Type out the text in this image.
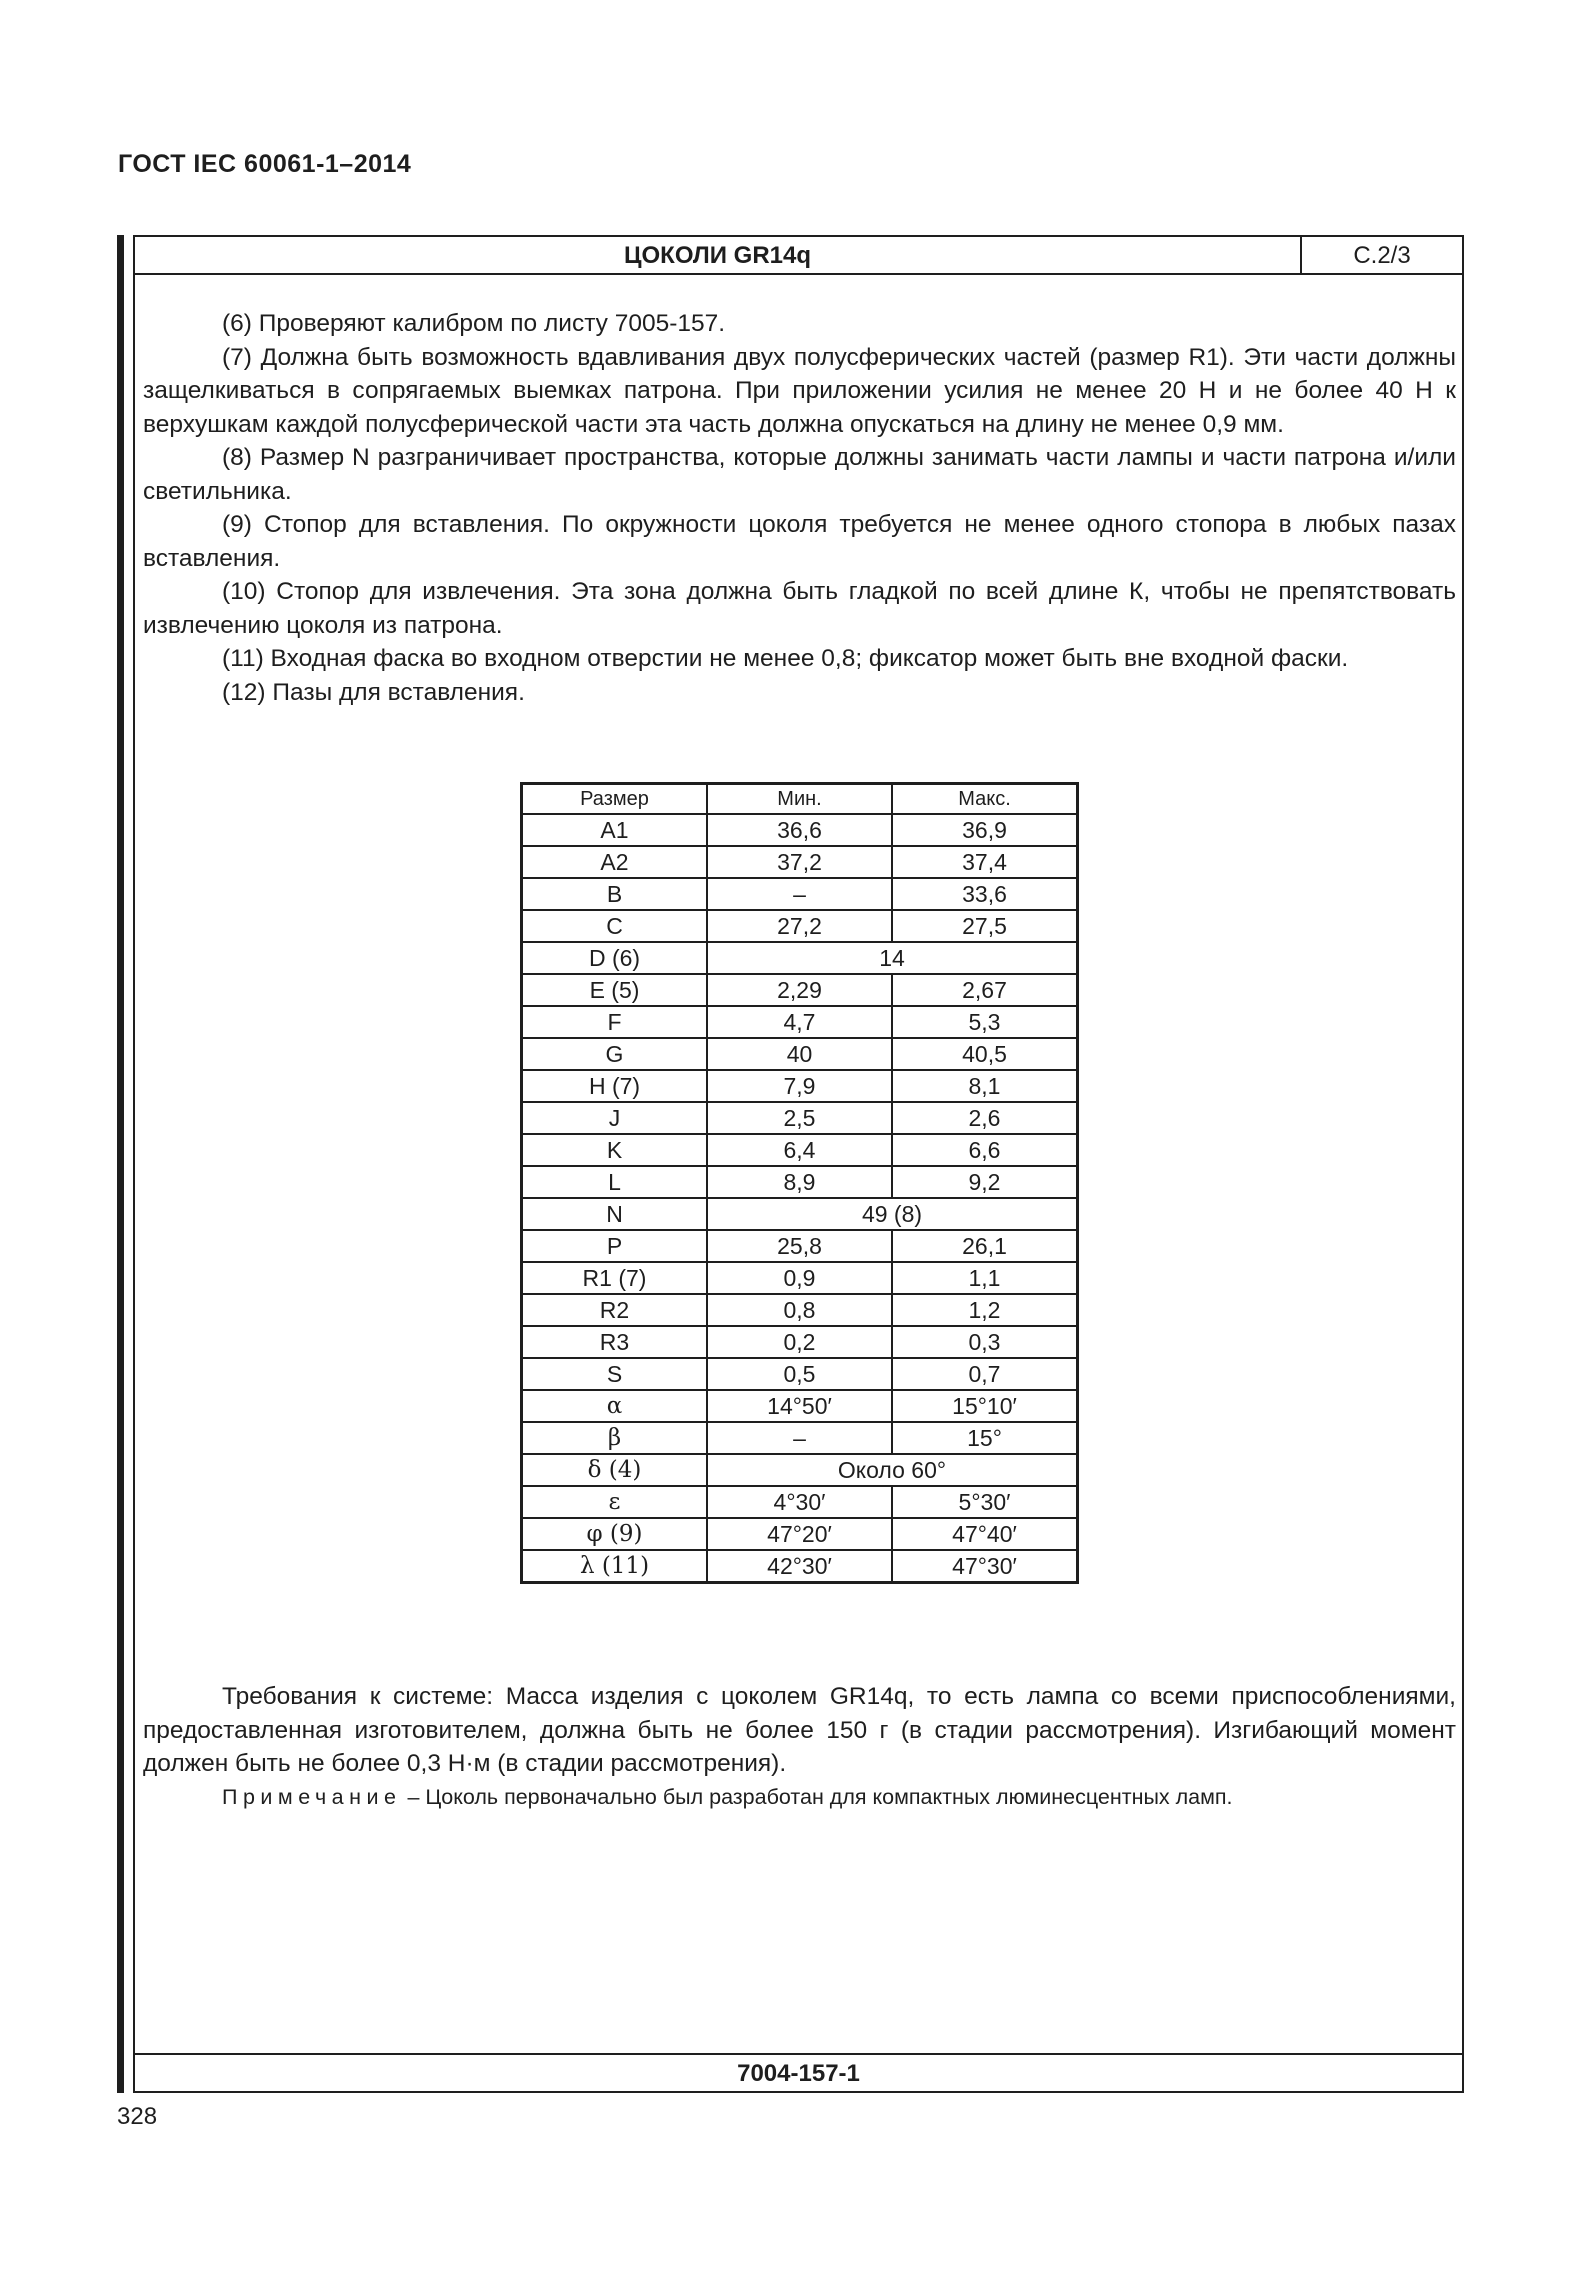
ГОСТ IEC 60061-1–2014
ЦОКОЛИ GR14q	С.2/3

(6) Проверяют калибром по листу 7005-157.

(7) Должна быть возможность вдавливания двух полусферических частей (размер R1). Эти части должны защелкиваться в сопрягаемых выемках патрона. При приложении усилия не менее 20 Н и не более 40 Н к верхушкам каждой полусферической части эта часть должна опускаться на длину не менее 0,9 мм.

(8) Размер N разграничивает пространства, которые должны занимать части лампы и части патрона и/или светильника.

(9) Стопор для вставления. По окружности цоколя требуется не менее одного стопора в любых пазах вставления.

(10) Стопор для извлечения. Эта зона должна быть гладкой по всей длине К, чтобы не препятствовать извлечению цоколя из патрона.

(11) Входная фаска во входном отверстии не менее 0,8; фиксатор может быть вне входной фаски.

(12) Пазы для вставления.

Размер	Мин.	Макс.
A1	36,6	36,9
A2	37,2	37,4
B	–	33,6
C	27,2	27,5
D (6)	14	
E (5)	2,29	2,67
F	4,7	5,3
G	40	40,5
H (7)	7,9	8,1
J	2,5	2,6
K	6,4	6,6
L	8,9	9,2
N	49 (8)	
P	25,8	26,1
R1 (7)	0,9	1,1
R2	0,8	1,2
R3	0,2	0,3
S	0,5	0,7
α	14°50′	15°10′
β	–	15°
δ (4)	Около 60°	
ε	4°30′	5°30′
φ (9)	47°20′	47°40′
λ (11)	42°30′	47°30′

Требования к системе: Масса изделия с цоколем GR14q, то есть лампа со всеми приспособлениями, предоставленная изготовителем, должна быть не более 150 г (в стадии рассмотрения). Изгибающий момент должен быть не более 0,3 Н·м (в стадии рассмотрения).

Примечание – Цоколь первоначально был разработан для компактных люминесцентных ламп.
7004-157-1
328
